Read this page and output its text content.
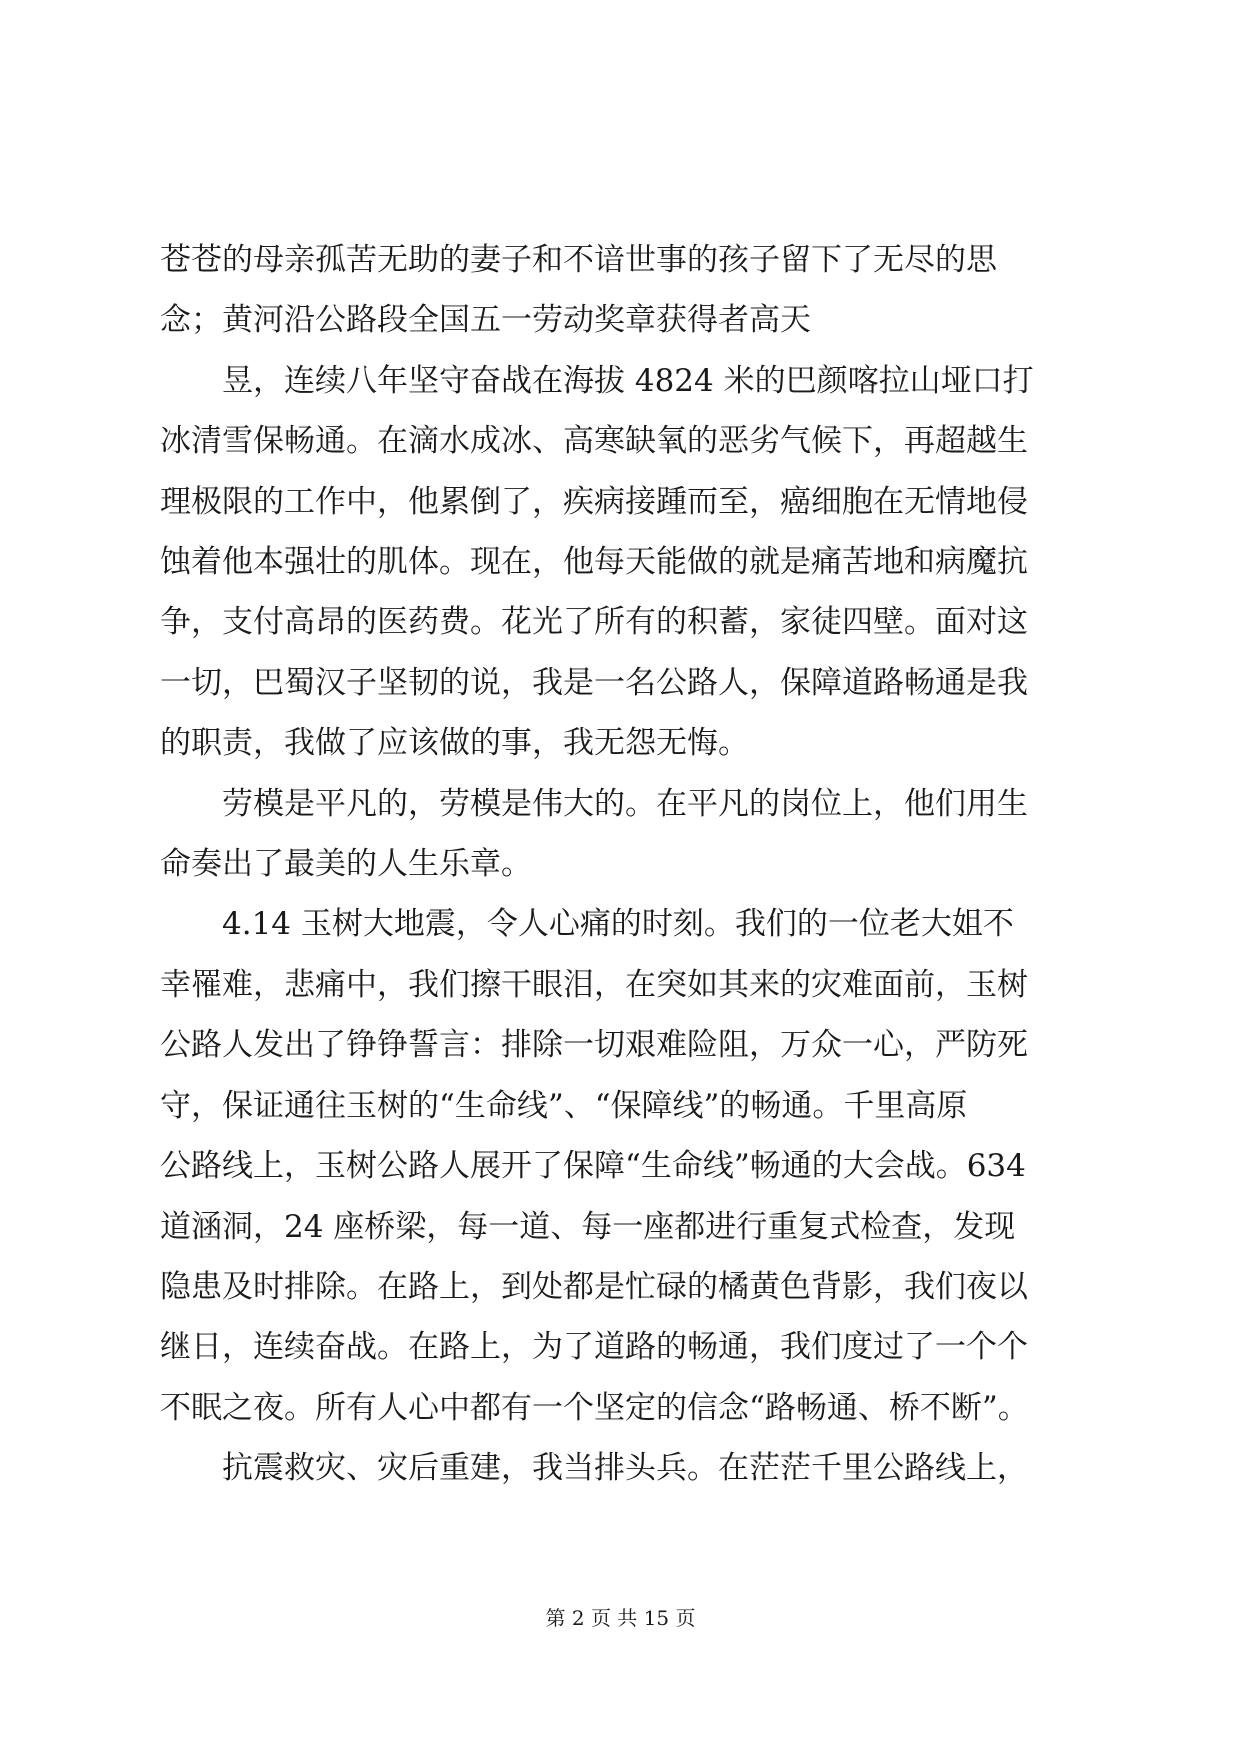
苍苍的母亲孤苦无助的妻子和不谙世事的孩子留下了无尽的思
念；黄河沿公路段全国五一劳动奖章获得者高天

昱，连续八年坚守奋战在海拔 4824 米的巴颜喀拉山垭口打
冰清雪保畅通。在滴水成冰、高寒缺氧的恶劣气候下，再超越生
理极限的工作中，他累倒了，疾病接踵而至，癌细胞在无情地侵
蚀着他本强壮的肌体。现在，他每天能做的就是痛苦地和病魔抗
争，支付高昂的医药费。花光了所有的积蓄，家徒四壁。面对这
一切，巴蜀汉子坚韧的说，我是一名公路人，保障道路畅通是我
的职责，我做了应该做的事，我无怨无悔。

劳模是平凡的，劳模是伟大的。在平凡的岗位上，他们用生
命奏出了最美的人生乐章。

4.14 玉树大地震，令人心痛的时刻。我们的一位老大姐不
幸罹难，悲痛中，我们擦干眼泪，在突如其来的灾难面前，玉树
公路人发出了铮铮誓言：排除一切艰难险阻，万众一心，严防死
守，保证通往玉树的“生命线”、“保障线”的畅通。千里高原
公路线上，玉树公路人展开了保障“生命线”畅通的大会战。634
道涵洞，24 座桥梁，每一道、每一座都进行重复式检查，发现
隐患及时排除。在路上，到处都是忙碌的橘黄色背影，我们夜以
继日，连续奋战。在路上，为了道路的畅通，我们度过了一个个
不眠之夜。所有人心中都有一个坚定的信念“路畅通、桥不断”。

抗震救灾、灾后重建，我当排头兵。在茫茫千里公路线上，

第 2 页 共 15 页
